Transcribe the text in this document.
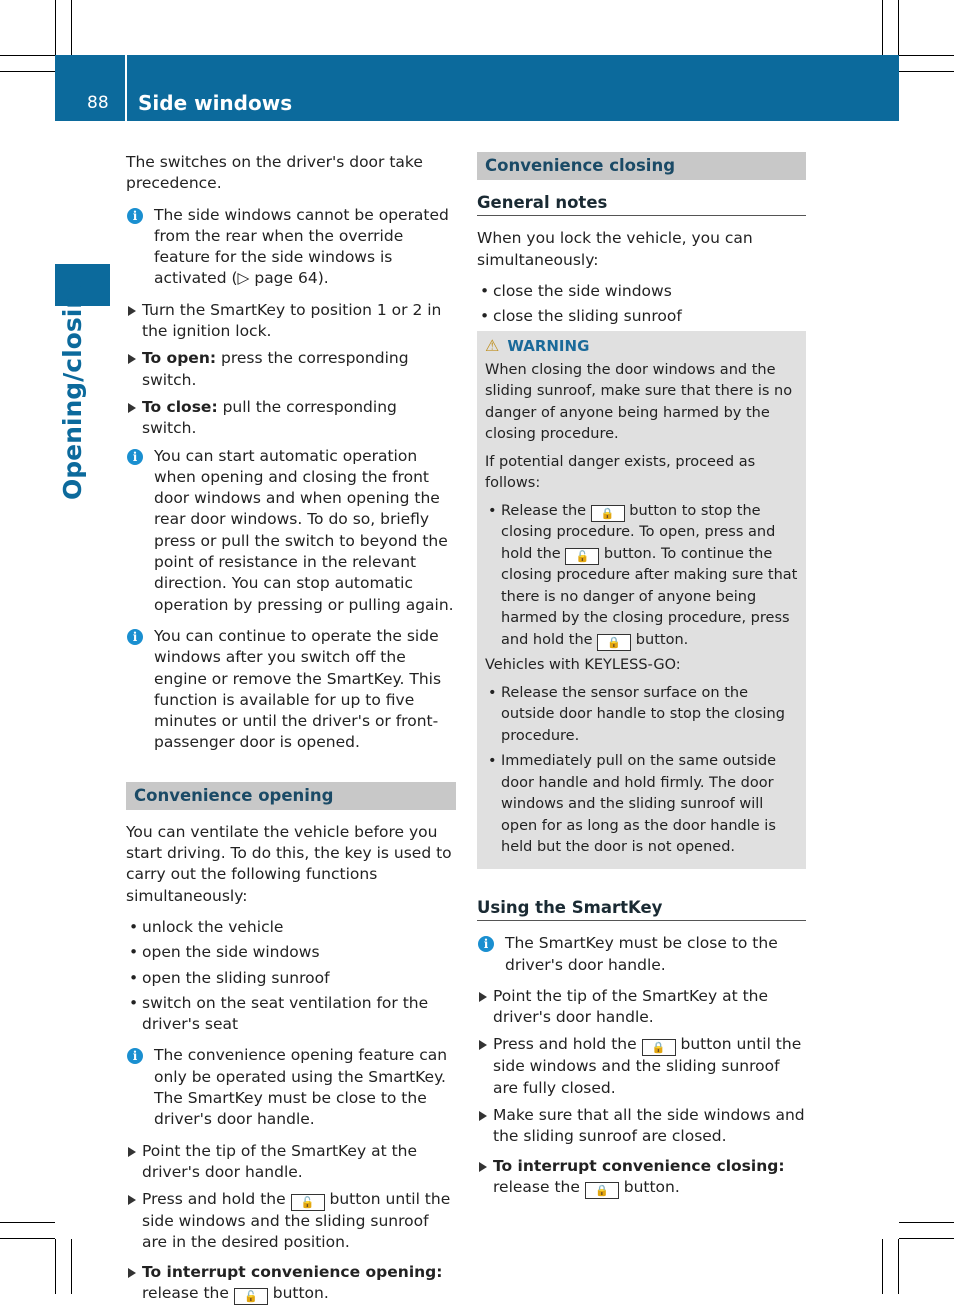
88 Side windows
Opening/closing

The switches on the driver's door take precedence.

i	The side windows cannot be operated from the rear when the override feature for the side windows is activated (▷ page 64).
Turn the SmartKey to position 1 or 2 in the ignition lock.
To open: press the corresponding switch.
To close: pull the corresponding switch.
i	You can start automatic operation when opening and closing the front door windows and when opening the rear door windows. To do so, briefly press or pull the switch to beyond the point of resistance in the relevant direction. You can stop automatic operation by pressing or pulling again.
i	You can continue to operate the side windows after you switch off the engine or remove the SmartKey. This function is available for up to five minutes or until the driver's or front-passenger door is opened.
Convenience opening

You can ventilate the vehicle before you start driving. To do this, the key is used to carry out the following functions simultaneously:

• unlock the vehicle
• open the side windows
• open the sliding sunroof
• switch on the seat ventilation for the driver's seat
i	The convenience opening feature can only be operated using the SmartKey. The SmartKey must be close to the driver's door handle.
Point the tip of the SmartKey at the driver's door handle.
Press and hold the 🔓 button until the side windows and the sliding sunroof are in the desired position.
To interrupt convenience opening:
release the 🔓 button.
Convenience closing
General notes

When you lock the vehicle, you can simultaneously:

• close the side windows
• close the sliding sunroof
⚠ WARNING

When closing the door windows and the sliding sunroof, make sure that there is no danger of anyone being harmed by the closing procedure.

If potential danger exists, proceed as follows:

• Release the 🔒 button to stop the closing procedure. To open, press and hold the 🔓 button. To continue the closing procedure after making sure that there is no danger of anyone being harmed by the closing procedure, press and hold the 🔒 button.

Vehicles with KEYLESS-GO:

• Release the sensor surface on the outside door handle to stop the closing procedure.
• Immediately pull on the same outside door handle and hold firmly. The door windows and the sliding sunroof will open for as long as the door handle is held but the door is not opened.
Using the SmartKey
i	The SmartKey must be close to the driver's door handle.
Point the tip of the SmartKey at the driver's door handle.
Press and hold the 🔒 button until the side windows and the sliding sunroof are fully closed.
Make sure that all the side windows and the sliding sunroof are closed.
To interrupt convenience closing:
release the 🔒 button.
